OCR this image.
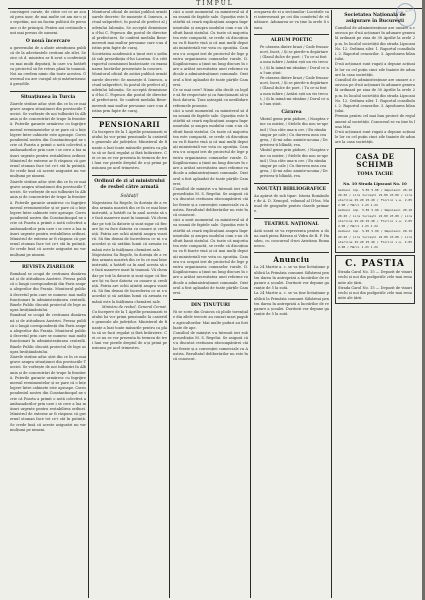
TIMPUL
BIBL. ACAD.
convingeri curate, de către cei ce ne acuză prea ușor, de mai multe ori am zis-o și o repetăm, noi nu facem politică de persoane ci de principii. Pentru noi cestiunile sunt mai presus de oameni.
O nouă încercare
a guvernului de a abate atențiunea publică de la adevăratele cestiuni ale zilei. Se zice că d. ministru ar fi avut o conferință cu mai mulți deputați, în care s-a hotărît ca proiectul să fie retras până în toamnă. Noi nu credem nimic din toate acestea. Guvernul nu are curajul să-și mărturisească greșelile.
Situațiunea în Turcia
Ziarele străine aduc știri din ce în ce mai grave asupra situațiunei din provinciile Turciei. Se vorbește de noi tulburări în Albania și de concentrări de trupe la frontieră. Puterile garante urmăresc cu îngrijire mersul evenimentelor și se pare că o înțelegere între cabinete este aproape. Corespondentul nostru din Constantinopol ne scrie că Poarta a primit o notă colectivă a ambasadorilor prin care i se cere a lua măsuri urgente pentru restabilirea ordinei. Ministrul de externe ar fi răspuns că guvernul otoman face tot ce-i stă în putință. Se crede însă că aceste asigurări nu vor mulțumi pe nimeni.
Ziarele străine aduc știri din ce în ce mai grave asupra situațiunei din provinciile Turciei. Se vorbește de noi tulburări în Albania și de concentrări de trupe la frontieră. Puterile garante urmăresc cu îngrijire mersul evenimentelor și se pare că o înțelegere între cabinete este aproape. Corespondentul nostru din Constantinopol ne scrie că Poarta a primit o notă colectivă a ambasadorilor prin care i se cere a lua măsuri urgente pentru restabilirea ordinei. Ministrul de externe ar fi răspuns că guvernul otoman face tot ce-i stă în putință. Se crede însă că aceste asigurări nu vor mulțumi pe nimeni.
REVISTA ZIARELOR
Românul se ocupă de cestiunea dunăreană și de atitudinea Austriei. Pressa publică o lungă corespondență din Paris asupra alegerilor din Franța. Monitorul publică decretul prin care se numesc mai mulți funcționari în administrațiunea centrală. Binele Public discută proiectul de lege asupra învățământului.
Românul se ocupă de cestiunea dunăreană și de atitudinea Austriei. Pressa publică o lungă corespondență din Paris asupra alegerilor din Franța. Monitorul publică decretul prin care se numesc mai mulți funcționari în administrațiunea centrală. Binele Public discută proiectul de lege asupra învățământului.
Ziarele străine aduc știri din ce în ce mai grave asupra situațiunei din provinciile Turciei. Se vorbește de noi tulburări în Albania și de concentrări de trupe la frontieră. Puterile garante urmăresc cu îngrijire mersul evenimentelor și se pare că o înțelegere între cabinete este aproape. Corespondentul nostru din Constantinopol ne scrie că Poarta a primit o notă colectivă a ambasadorilor prin care i se cere a lua măsuri urgente pentru restabilirea ordinei. Ministrul de externe ar fi răspuns că guvernul otoman face tot ce-i stă în putință. Se crede însă că aceste asigurări nu vor mulțumi pe nimeni.
Monitorul oficial de astăzi publică următoarele decrete: Se numește d. Ionescu, actual subprefect, în postul de prefect al județului Ialomița. Se acceptă demisiunea d-lui C. Popescu din postul de director al prefecturei. Se conferă medalia Bene-merenti mai multor persoane care s-au distins prin fapte de curaj.
Societatea academică a ținut ieri o ședință sub președinția d-lui Laurian. S-a citit raportul comisiunei însărcinate cu examinarea lucrărilor prezentate la concurs.
Monitorul oficial de astăzi publică următoarele decrete: Se numește d. Ionescu, actual subprefect, în postul de prefect al județului Ialomița. Se acceptă demisiunea d-lui C. Popescu din postul de director al prefecturei. Se conferă medalia Bene-merenti mai multor persoane care s-au distins prin fapte de curaj.
PENSIONARII
Cu începere de la 1 Aprilie pensionarii statului își vor primi pensiunile la casieriile generale ale județelor. Ministerul de finanțe a luat toate măsurile pentru ca plata să se facă regulat și fără întârziere. Cei ce nu se vor prezenta în termen de trei luni vor pierde dreptul de a-și primi pensiunea pe acel trimestru.
Ordinul de zi al ministrului de resbel către armată
Soldați!
Majestatea Sa Regele, în dorința de a vedea armata noastră din ce în ce mai bine instruită, a hotărît ca în anul acesta să se facă manevre mari în toamnă. Vă chem dar pe toți la datorie și sunt sigur că fiecare își va face datoria cu onoare și credință. Patria are ochii ațintiți asupra voastră. Să fim demni de încrederea ce ni s-a acordat și să arătăm lumii că armata română este la înălțimea chemărei sale.
Majestatea Sa Regele, în dorința de a vedea armata noastră din ce în ce mai bine instruită, a hotărît ca în anul acesta să se facă manevre mari în toamnă. Vă chem dar pe toți la datorie și sunt sigur că fiecare își va face datoria cu onoare și credință. Patria are ochii ațintiți asupra voastră. Să fim demni de încrederea ce ni s-a acordat și să arătăm lumii că armata română este la înălțimea chemărei sale.
Ministru de resbel, General Cernat.
Cu începere de la 1 Aprilie pensionarii statului își vor primi pensiunile la casieriile generale ale județelor. Ministerul de finanțe a luat toate măsurile pentru ca plata să se facă regulat și fără întârziere. Cei ce nu se vor prezenta în termen de trei luni vor pierde dreptul de a-și primi pensiunea pe acel trimestru.
căci a sosit momentul ca ministerul să dea seamă de faptele sale. Opoziția este hotărîtă să ceară explicațiuni asupra împrumutului și asupra modului cum s-au cheltuit banii statului. Cu toate că majoritatea este compactă, se crede că discuțiunea va fi foarte viuă și că mai mulți deputați ministeriali vor vota cu opoziția. Camera s-a ocupat ieri de proiectul de lege pentru organizarea comunelor rurale. D. Kogălniceanu a ținut un lung discurs în care a arătat necesitatea unei reforme radicale a administrațiunei comunale. Oratorul a fost aplaudat de toate părțile Camerei.
Ce se mai cere? Nimic alta decât ca legile să fie respectate și ca funcționarii să-și facă datoria. Țara așteaptă cu nerăbdare reformele promise.
căci a sosit momentul ca ministerul să dea seamă de faptele sale. Opoziția este hotărîtă să ceară explicațiuni asupra împrumutului și asupra modului cum s-au cheltuit banii statului. Cu toate că majoritatea este compactă, se crede că discuțiunea va fi foarte viuă și că mai mulți deputați ministeriali vor vota cu opoziția. Camera s-a ocupat ieri de proiectul de lege pentru organizarea comunelor rurale. D. Kogălniceanu a ținut un lung discurs în care a arătat necesitatea unei reforme radicale a administrațiunei comunale. Oratorul a fost aplaudat de toate părțile Camerei.
Consiliul de miniștri s-a întrunit ieri sub președinția M. S. Regelui. Se asigură că s-a discutat cestiunea răscumpărărei căilor ferate și a convenției comerciale cu Austria. Rezultatul deliberărilor nu este încă cunoscut.
căci a sosit momentul ca ministerul să dea seamă de faptele sale. Opoziția este hotărîtă să ceară explicațiuni asupra împrumutului și asupra modului cum s-au cheltuit banii statului. Cu toate că majoritatea este compactă, se crede că discuțiunea va fi foarte viuă și că mai mulți deputați ministeriali vor vota cu opoziția. Camera s-a ocupat ieri de proiectul de lege pentru organizarea comunelor rurale. D. Kogălniceanu a ținut un lung discurs în care a arătat necesitatea unei reforme radicale a administrațiunei comunale. Oratorul a fost aplaudat de toate părțile Camerei.
DIN ȚINUTURI
Ni se scrie din Craiova că ploile torențiale din zilele trecute au cauzat mari pagube agricultorilor. Mai multe poduri au fost luate de ape.
Consiliul de miniștri s-a întrunit ieri sub președinția M. S. Regelui. Se asigură că s-a discutat cestiunea răscumpărărei căilor ferate și a convenției comerciale cu Austria. Rezultatul deliberărilor nu este încă cunoscut.
ocuparea de zi a secțiunilor: Lucrările cari interesează pe cei din comitetul de vânătoare. Adunarea se va ține la orele 8 seara.
ALBUM POETIC
Pe cărarea dintre brazi / Cade frunza-ncet, încet, / Și se pierde-n depărtare / Glasul dulce de poet. / Tu ce-ai fost a mea iubire / Astăzi ești un vis trecut, / Și în inimă-mi rămâne / Dorul ce nu l-am știut.
Pe cărarea dintre brazi / Cade frunza-ncet, încet, / Și se pierde-n depărtare / Glasul dulce de poet. / Tu ce-ai fost a mea iubire / Astăzi ești un vis trecut, / Și în inimă-mi rămâne / Dorul ce nu l-am știut.
Cărarea
Vântul geme prin pădure, / Noaptea vine cu mister, / Stelele din nou se-aprind / Una câte una-n cer. / Eu rămân singur pe cale / Cu durerea mea cea grea, / Și-mi aduc aminte-acuma / De privirea-ți blândă, rea.
Vântul geme prin pădure, / Noaptea vine cu mister, / Stelele din nou se-aprind / Una câte una-n cer. / Eu rămân singur pe cale / Cu durerea mea cea grea, / Și-mi aduc aminte-acuma / De privirea-ți blândă, rea.
NOUTĂȚI BIBLIOGRAFICE
Au apărut de sub tipar: Istoria Românilor de A. D. Xenopol, volumul al II-lea. Manual de geografie pentru clasele primare.
TEATRUL NAȚIONAL
Astă seară se va reprezenta pentru a doua oară piesa Răzvan și Vidra de B. P. Hasdeu, cu concursul d-nei Aristizza Romanescu.
Anunciu
La 24 Martie a. c. se va ține licitațiune publică la Primăria comunei Săbăreni pentru darea în antrepriză a lucrărilor de reparare a școalei. Doritorii vor depune garanție de 5 la sută.
La 24 Martie a. c. se va ține licitațiune publică la Primăria comunei Săbăreni pentru darea în antrepriză a lucrărilor de reparare a școalei. Doritorii vor depune garanție de 5 la sută.
Societatea Naționala de asigurare în București
Consiliul de administrațiune are onoare a convoca pe d-nii acționari în adunare generală ordinară pe ziua de 30 Aprilie la orele 2 p.m. în localul societății din strada Lipscani No. 12. Ordinea zilei: 1. Raportul consiliului. 2. Raportul cenzorilor. 3. Aprobarea bilanțului.
D-nii acționari sunt rugați a depune acțiunile lor cu cel puțin cinci zile înainte de adunare la casa societății.
Consiliul de administrațiune are onoare a convoca pe d-nii acționari în adunare generală ordinară pe ziua de 30 Aprilie la orele 2 p.m. în localul societății din strada Lipscani No. 12. Ordinea zilei: 1. Raportul consiliului. 2. Raportul cenzorilor. 3. Aprobarea bilanțului.
Premiu pentru cel mai bun proiect de regulament al societății. Concursul se va ține în luna Mai.
D-nii acționari sunt rugați a depune acțiunile lor cu cel puțin cinci zile înainte de adunare la casa societății.
CASA DE SCHIMB
TOMA TACHE
No. 10 Strada Lipscani No. 10
Galbeni imp. 5.85 5.90 / Napoleoni 20.10 20.20 / Lire turcești 22.80 23.00 / Lire sterline 25.20 25.40 / Florini v.a. 2.05 2.08 / Mărci 1.23 1.24
Galbeni imp. 5.85 5.90 / Napoleoni 20.10 20.20 / Lire turcești 22.80 23.00 / Lire sterline 25.20 25.40 / Florini v.a. 2.05 2.08 / Mărci 1.23 1.24
Galbeni imp. 5.85 5.90 / Napoleoni 20.10 20.20 / Lire turcești 22.80 23.00 / Lire sterline 25.20 25.40 / Florini v.a. 2.05 2.08 / Mărci 1.23 1.24
C. PASTIA
Strada Carol No. 15 — Depozit de vinuri vechi și noi din podgoriile cele mai renumite ale țării.
Strada Carol No. 15 — Depozit de vinuri vechi și noi din podgoriile cele mai renumite ale țării.
